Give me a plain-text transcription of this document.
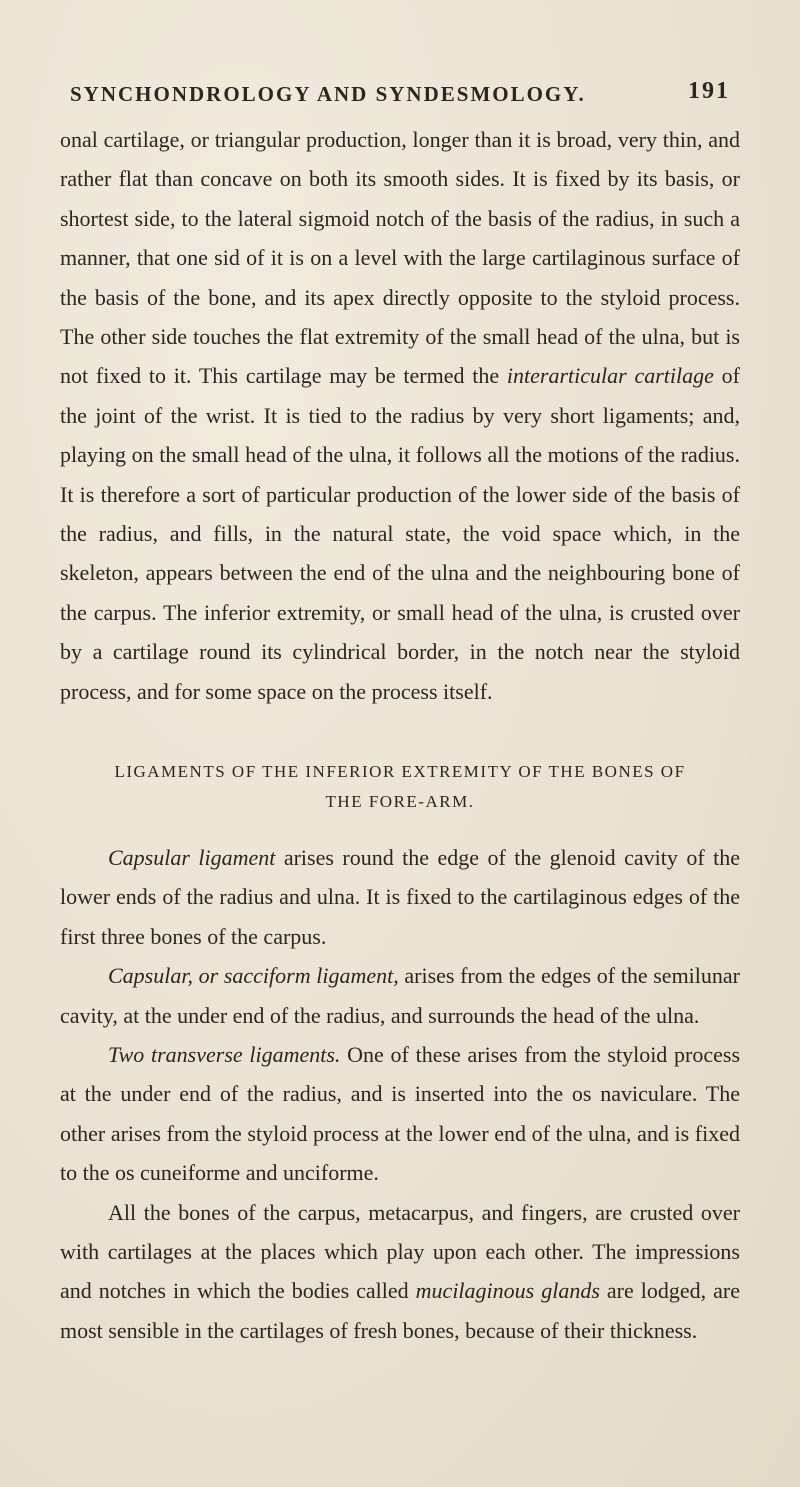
SYNCHONDROLOGY AND SYNDESMOLOGY.	191

onal cartilage, or triangular production, longer than it is broad, very thin, and rather flat than concave on both its smooth sides. It is fixed by its basis, or shortest side, to the lateral sigmoid notch of the basis of the radius, in such a manner, that one sid of it is on a level with the large cartilaginous surface of the basis of the bone, and its apex directly opposite to the styloid process. The other side touches the flat extremity of the small head of the ulna, but is not fixed to it. This cartilage may be termed the interarticular cartilage of the joint of the wrist. It is tied to the radius by very short ligaments; and, playing on the small head of the ulna, it follows all the motions of the radius. It is therefore a sort of particular production of the lower side of the basis of the radius, and fills, in the natural state, the void space which, in the skeleton, appears between the end of the ulna and the neighbouring bone of the carpus. The inferior extremity, or small head of the ulna, is crusted over by a cartilage round its cylindrical border, in the notch near the styloid process, and for some space on the process itself.

LIGAMENTS OF THE INFERIOR EXTREMITY OF THE BONES OF
THE FORE-ARM.

Capsular ligament arises round the edge of the glenoid cavity of the lower ends of the radius and ulna. It is fixed to the cartilaginous edges of the first three bones of the carpus.

Capsular, or sacciform ligament, arises from the edges of the semilunar cavity, at the under end of the radius, and surrounds the head of the ulna.

Two transverse ligaments. One of these arises from the styloid process at the under end of the radius, and is inserted into the os naviculare. The other arises from the styloid process at the lower end of the ulna, and is fixed to the os cuneiforme and unciforme.

All the bones of the carpus, metacarpus, and fingers, are crusted over with cartilages at the places which play upon each other. The impressions and notches in which the bodies called mucilaginous glands are lodged, are most sensible in the cartilages of fresh bones, because of their thickness.
